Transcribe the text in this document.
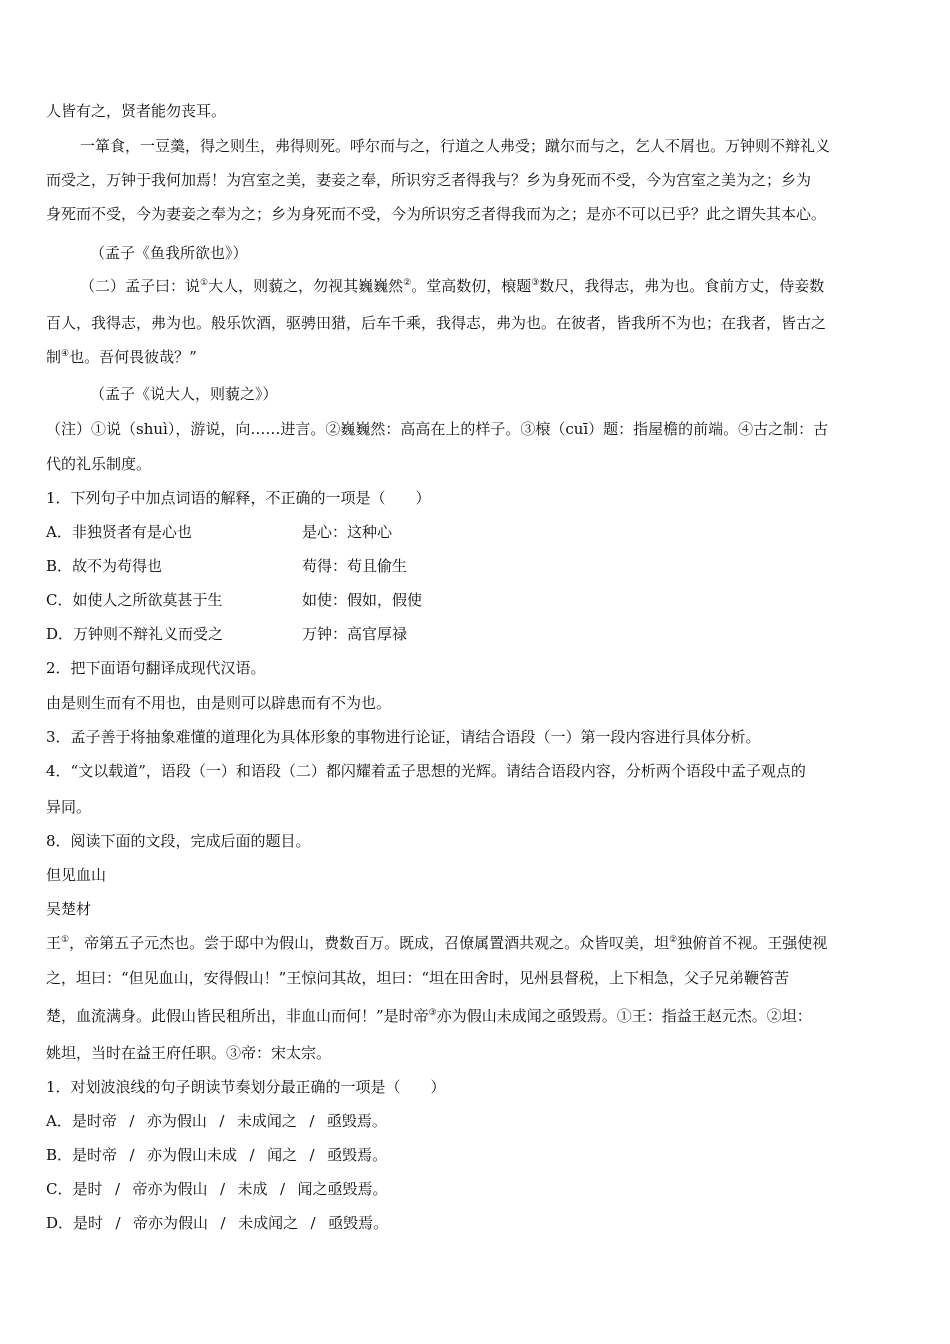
人皆有之，贤者能勿丧耳。
一箪食，一豆羹，得之则生，弗得则死。呼尔而与之，行道之人弗受；蹴尔而与之，乞人不屑也。万钟则不辩礼义
而受之，万钟于我何加焉！为宫室之美，妻妾之奉，所识穷乏者得我与？乡为身死而不受，今为宫室之美为之；乡为
身死而不受，今为妻妾之奉为之；乡为身死而不受，今为所识穷乏者得我而为之；是亦不可以已乎？此之谓失其本心。
（孟子《鱼我所欲也》）
（二）孟子曰：说①大人，则藐之，勿视其巍巍然②。堂高数仞，榱题③数尺，我得志，弗为也。食前方丈，侍妾数
百人，我得志，弗为也。般乐饮酒，驱骋田猎，后车千乘，我得志，弗为也。在彼者，皆我所不为也；在我者，皆古之
制④也。吾何畏彼哉？”
（孟子《说大人，则藐之》）
（注）①说（shuì），游说，向……进言。②巍巍然：高高在上的样子。③榱（cuī）题：指屋檐的前端。④古之制：古
代的礼乐制度。
1．下列句子中加点词语的解释，不正确的一项是（　　）
A．非独贤者有是心也	是心：这种心
B．故不为苟得也	苟得：苟且偷生
C．如使人之所欲莫甚于生	如使：假如，假使
D．万钟则不辩礼义而受之	万钟：高官厚禄
2．把下面语句翻译成现代汉语。
由是则生而有不用也，由是则可以辟患而有不为也。
3．孟子善于将抽象难懂的道理化为具体形象的事物进行论证，请结合语段（一）第一段内容进行具体分析。
4．“文以载道”，语段（一）和语段（二）都闪耀着孟子思想的光辉。请结合语段内容，分析两个语段中孟子观点的
异同。
8．阅读下面的文段，完成后面的题目。
但见血山
吴楚材
王①，帝第五子元杰也。尝于邸中为假山，费数百万。既成，召僚属置酒共观之。众皆叹美，坦②独俯首不视。王强使视
之，坦曰：“但见血山，安得假山！”王惊问其故，坦曰：“坦在田舍时，见州县督税，上下相急，父子兄弟鞭笞苦
楚，血流满身。此假山皆民租所出，非血山而何！”是时帝③亦为假山未成闻之亟毁焉。①王：指益王赵元杰。②坦：
姚坦，当时在益王府任职。③帝：宋太宗。
1．对划波浪线的句子朗读节奏划分最正确的一项是（　　）
A．是时帝 / 亦为假山 / 未成闻之 / 亟毁焉。
B．是时帝 / 亦为假山未成 / 闻之 / 亟毁焉。
C．是时 / 帝亦为假山 / 未成 / 闻之亟毁焉。
D．是时 / 帝亦为假山 / 未成闻之 / 亟毁焉。
